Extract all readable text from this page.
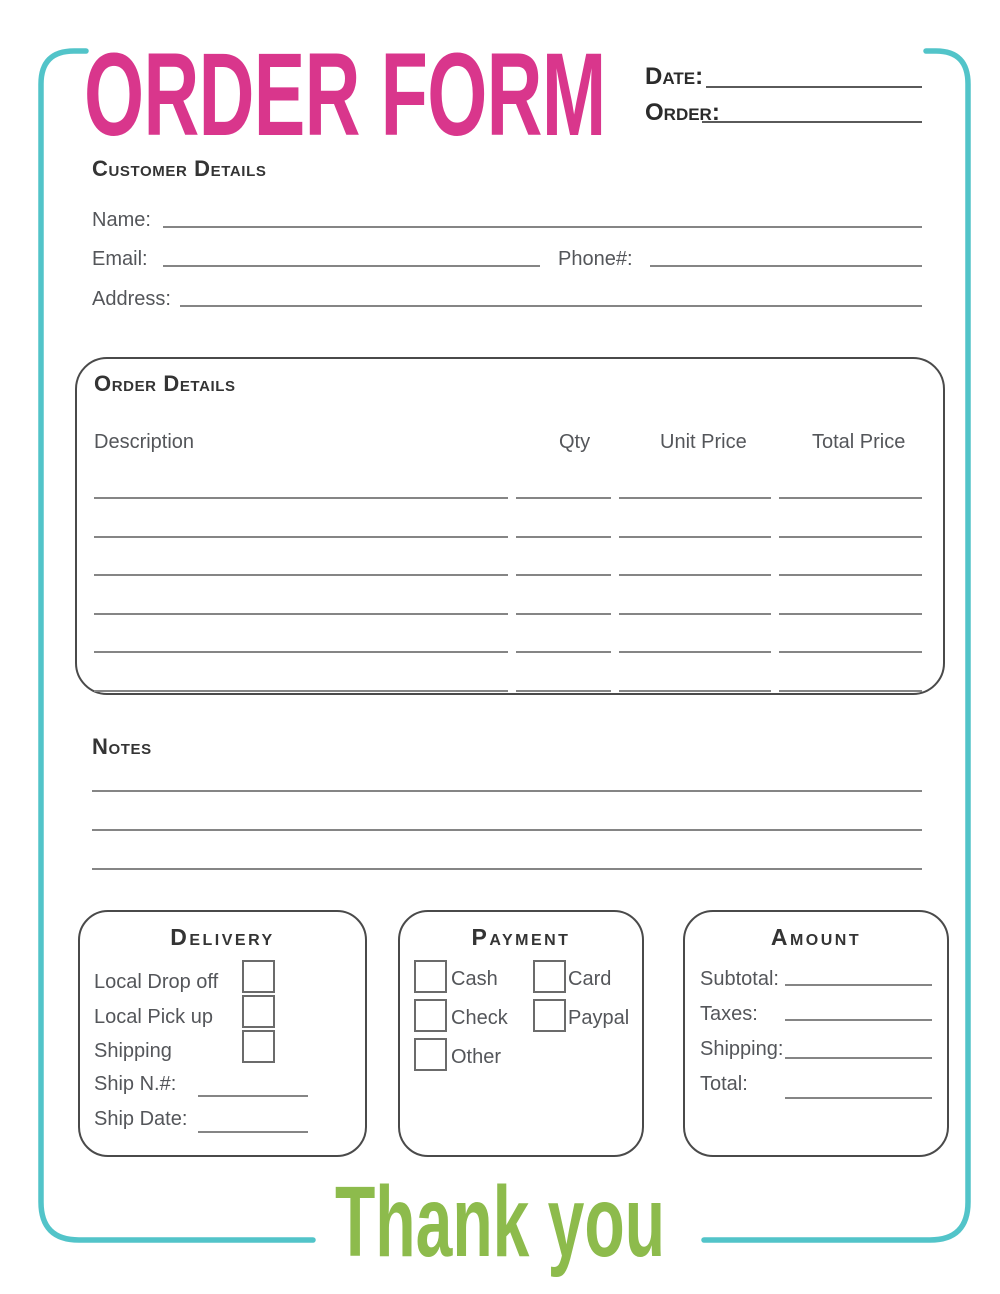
ORDER FORM Date:
Order:
Customer Details
Name:
Email:	Phone#:
Address:
Order Details
Description	Qty	Unit Price	Total Price
Notes
Delivery
Local Drop off
Local Pick up
Shipping
Ship N.#:
Ship Date:
Payment
Cash
Check
Other
Card
Paypal
Amount
Subtotal:
Taxes:
Shipping:
Total:
Thank you
